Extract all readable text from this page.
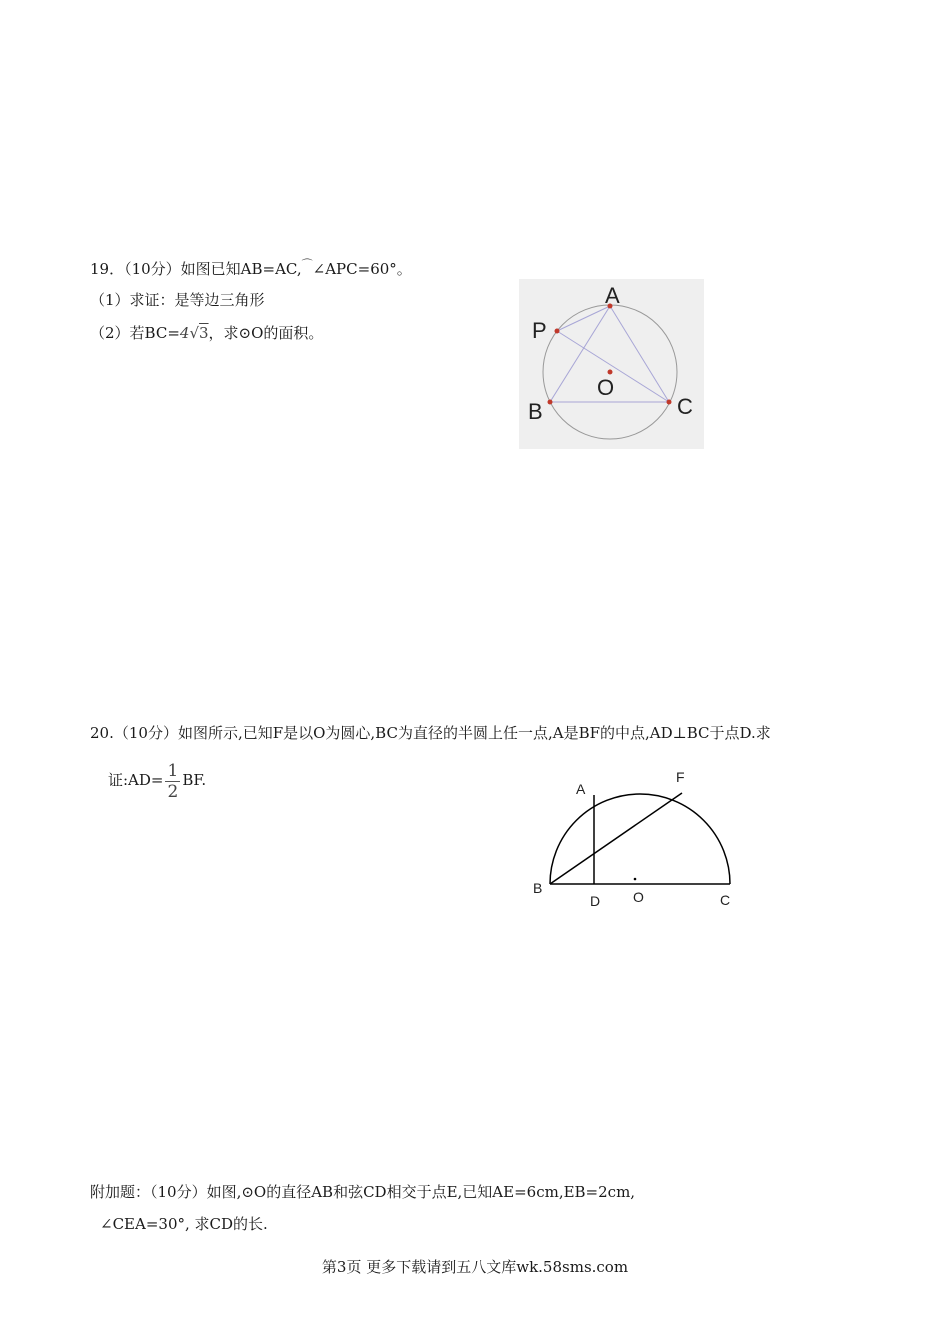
19．（10分）如图已知AB=AC,⌒∠APC=60°。
（1）求证：是等边三角形
（2）若BC=4√3，求⊙O的面积。
A
P
O
B	C
20.（10分）如图所示,已知F是以O为圆心,BC为直径的半圆上任一点,A是BF的中点,AD⊥BC于点D.求
证:AD= $\frac{1}{2}$ BF.	A
F
B
D O	C
附加题：（10分）如图,⊙O的直径AB和弦CD相交于点E,已知AE=6cm,EB=2cm,
∠CEA=30°, 求CD的长.
第3页 更多下载请到五八文库wk.58sms.com
